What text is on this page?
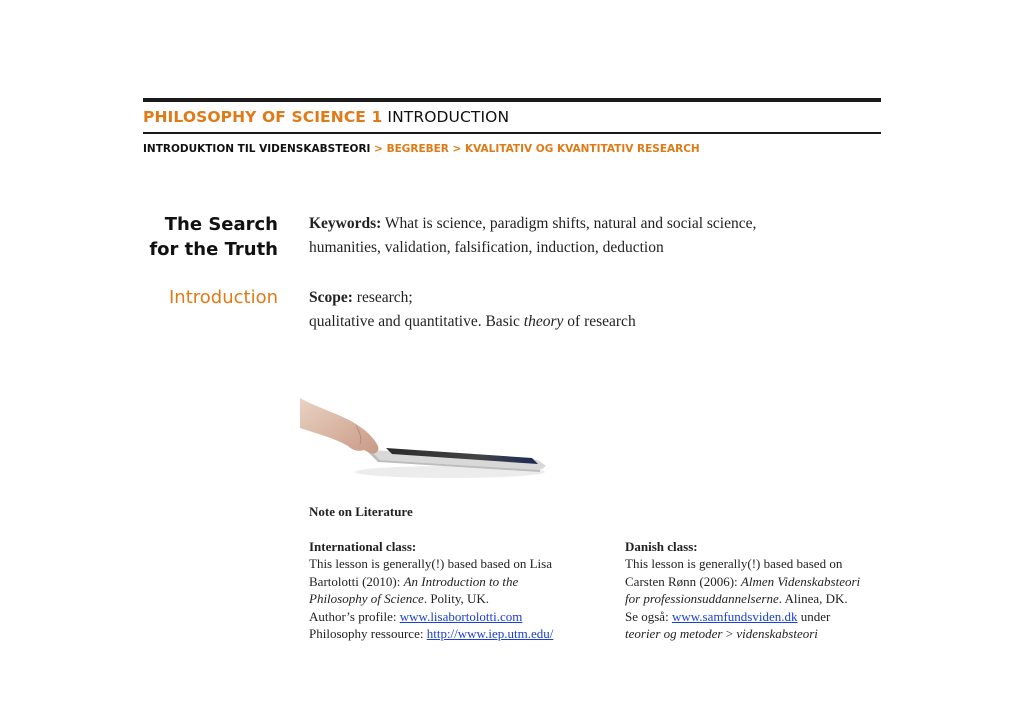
PHILOSOPHY OF SCIENCE 1 INTRODUCTION
INTRODUKTION TIL VIDENSKABSTEORI > BEGREBER > KVALITATIV OG KVANTITATIV RESEARCH
The Search
for the Truth
Introduction
Keywords: What is science, paradigm shifts, natural and social science,
humanities, validation, falsification, induction, deduction
Scope: research;
qualitative and quantitative. Basic theory of research
Note on Literature
International class:
This lesson is generally(!) based based on Lisa
Bartolotti (2010): An Introduction to the
Philosophy of Science. Polity, UK.
Author’s profile: www.lisabortolotti.com
Philosophy ressource: http://www.iep.utm.edu/
Danish class:
This lesson is generally(!) based based on
Carsten Rønn (2006): Almen Videnskabsteori
for professionsuddannelserne. Alinea, DK.
Se også: www.samfundsviden.dk under
teorier og metoder > videnskabsteori
